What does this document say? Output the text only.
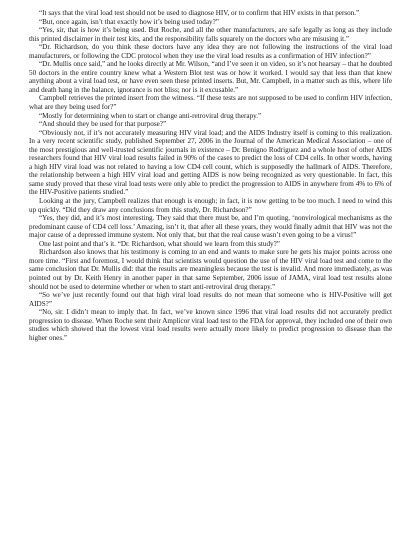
“It says that the viral load test should not be used to diagnose HIV, or to confirm that HIV exists in that person.”

“But, once again, isn’t that exactly how it’s being used today?”

“Yes, sir, that is how it’s being used. But Roche, and all the other manufacturers, are safe legally as long as they include this printed disclaimer in their test kits, and the responsibility falls squarely on the doctors who are misusing it.”

“Dr. Richardson, do you think these doctors have any idea they are not following the instructions of the viral load manufacturers, or following the CDC protocol when they use the viral load results as a confirmation of HIV infection?”

“Dr. Mullis once said,” and he looks directly at Mr. Wilson, “and I’ve seen it on video, so it’s not hearsay – that he doubted 50 doctors in the entire country knew what a Western Blot test was or how it worked. I would say that less than that knew anything about a viral load test, or have even seen these printed inserts. But, Mr. Campbell, in a matter such as this, where life and death hang in the balance, ignorance is not bliss; nor is it excusable.”

Campbell retrieves the printed insert from the witness. “If these tests are not supposed to be used to confirm HIV infection, what are they being used for?”

“Mostly for determining when to start or change anti-retroviral drug therapy.”

“And should they be used for that purpose?”

“Obviously not, if it’s not accurately measuring HIV viral load; and the AIDS Industry itself is coming to this realization. In a very recent scientific study, published September 27, 2006 in the Journal of the American Medical Association – one of the most prestigious and well-trusted scientific journals in existence – Dr. Benigno Rodriguez and a whole host of other AIDS researchers found that HIV viral load results failed in 90% of the cases to predict the loss of CD4 cells. In other words, having a high HIV viral load was not related to having a low CD4 cell count, which is supposedly the hallmark of AIDS. Therefore, the relationship between a high HIV viral load and getting AIDS is now being recognized as very questionable. In fact, this same study proved that these viral load tests were only able to predict the progression to AIDS in anywhere from 4% to 6% of the HIV-Positive patients studied.”

Looking at the jury, Campbell realizes that enough is enough; in fact, it is now getting to be too much. I need to wind this up quickly. “Did they draw any conclusions from this study, Dr. Richardson?”

“Yes, they did, and it’s most interesting. They said that there must be, and I’m quoting, ‘nonvirological mechanisms as the predominant cause of CD4 cell loss.’ Amazing, isn’t it, that after all these years, they would finally admit that HIV was not the major cause of a depressed immune system. Not only that, but that the real cause wasn’t even going to be a virus!”

One last point and that’s it. “Dr. Richardson, what should we learn from this study?”

Richardson also knows that his testimony is coming to an end and wants to make sure he gets his major points across one more time. “First and foremost, I would think that scientists would question the use of the HIV viral load test and come to the same conclusion that Dr. Mullis did: that the results are meaningless because the test is invalid. And more immediately, as was pointed out by Dr. Keith Henry in another paper in that same September, 2006 issue of JAMA, viral load test results alone should not be used to determine whether or when to start anti-retroviral drug therapy.”

“So we’ve just recently found out that high viral load results do not mean that someone who is HIV-Positive will get AIDS?”

“No, sir. I didn’t mean to imply that. In fact, we’ve known since 1996 that viral load results did not accurately predict progression to disease. When Roche sent their Amplicor viral load test to the FDA for approval, they included one of their own studies which showed that the lowest viral load results were actually more likely to predict progression to disease than the higher ones.”
